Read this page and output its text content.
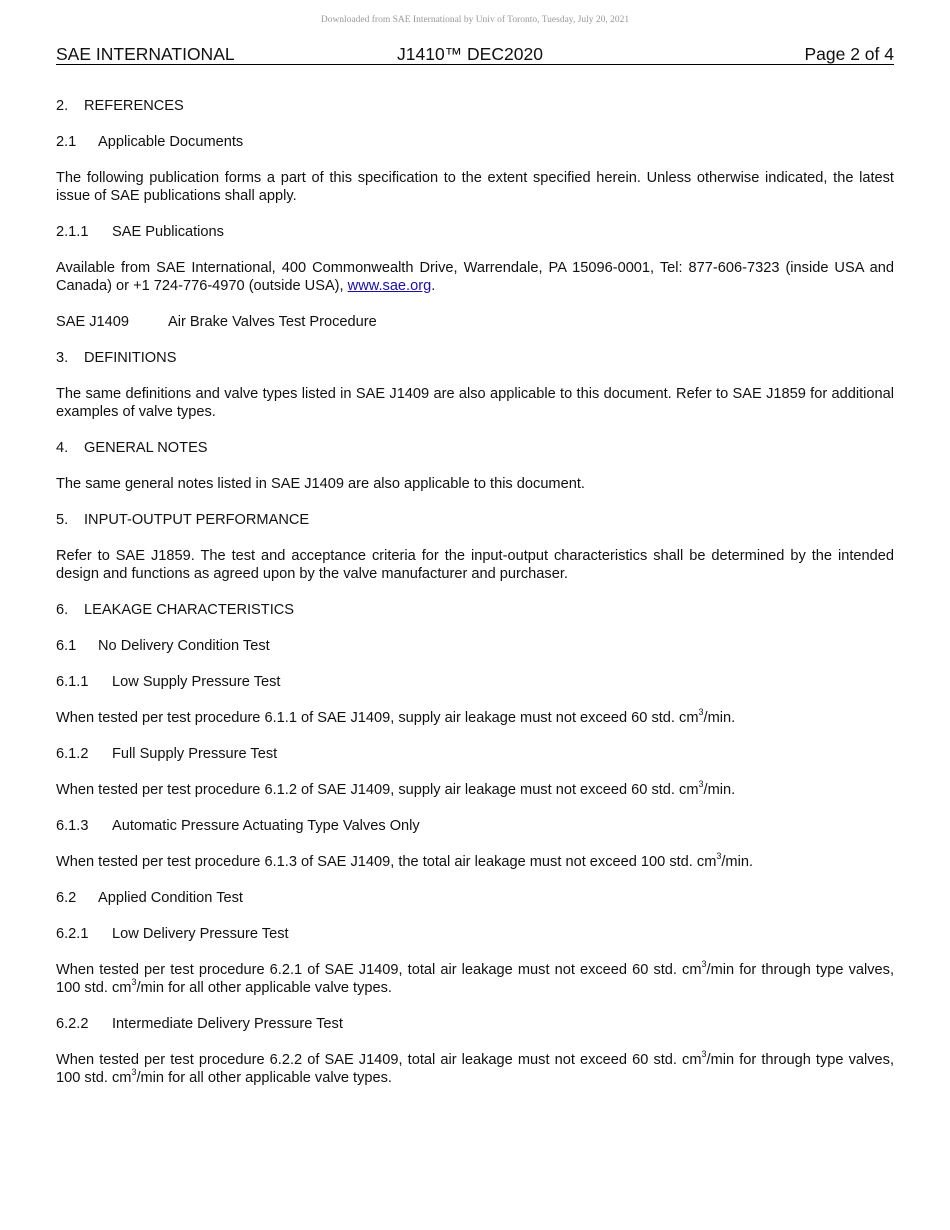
Downloaded from SAE International by Univ of Toronto, Tuesday, July 20, 2021
SAE INTERNATIONAL	J1410™ DEC2020	Page 2 of 4
2.	REFERENCES
2.1	Applicable Documents

The following publication forms a part of this specification to the extent specified herein. Unless otherwise indicated, the latest issue of SAE publications shall apply.

2.1.1	SAE Publications

Available from SAE International, 400 Commonwealth Drive, Warrendale, PA 15096-0001, Tel: 877-606-7323 (inside USA and Canada) or +1 724-776-4970 (outside USA), www.sae.org.

SAE J1409	Air Brake Valves Test Procedure
3.	DEFINITIONS

The same definitions and valve types listed in SAE J1409 are also applicable to this document. Refer to SAE J1859 for additional examples of valve types.

4.	GENERAL NOTES

The same general notes listed in SAE J1409 are also applicable to this document.

5.	INPUT-OUTPUT PERFORMANCE

Refer to SAE J1859. The test and acceptance criteria for the input-output characteristics shall be determined by the intended design and functions as agreed upon by the valve manufacturer and purchaser.

6.	LEAKAGE CHARACTERISTICS
6.1	No Delivery Condition Test
6.1.1	Low Supply Pressure Test

When tested per test procedure 6.1.1 of SAE J1409, supply air leakage must not exceed 60 std. $cm^3/\min$.

6.1.2	Full Supply Pressure Test

When tested per test procedure 6.1.2 of SAE J1409, supply air leakage must not exceed 60 std. $cm^3/\min$.

6.1.3	Automatic Pressure Actuating Type Valves Only

When tested per test procedure 6.1.3 of SAE J1409, the total air leakage must not exceed 100 std. $cm^3/\min$.

6.2	Applied Condition Test
6.2.1	Low Delivery Pressure Test

When tested per test procedure 6.2.1 of SAE J1409, total air leakage must not exceed 60 std. $cm^3/\min$ for through type valves, 100 std. $cm^3/\min$ for all other applicable valve types.

6.2.2	Intermediate Delivery Pressure Test

When tested per test procedure 6.2.2 of SAE J1409, total air leakage must not exceed 60 std. $cm^3/\min$ for through type valves, 100 std. $cm^3/\min$ for all other applicable valve types.
